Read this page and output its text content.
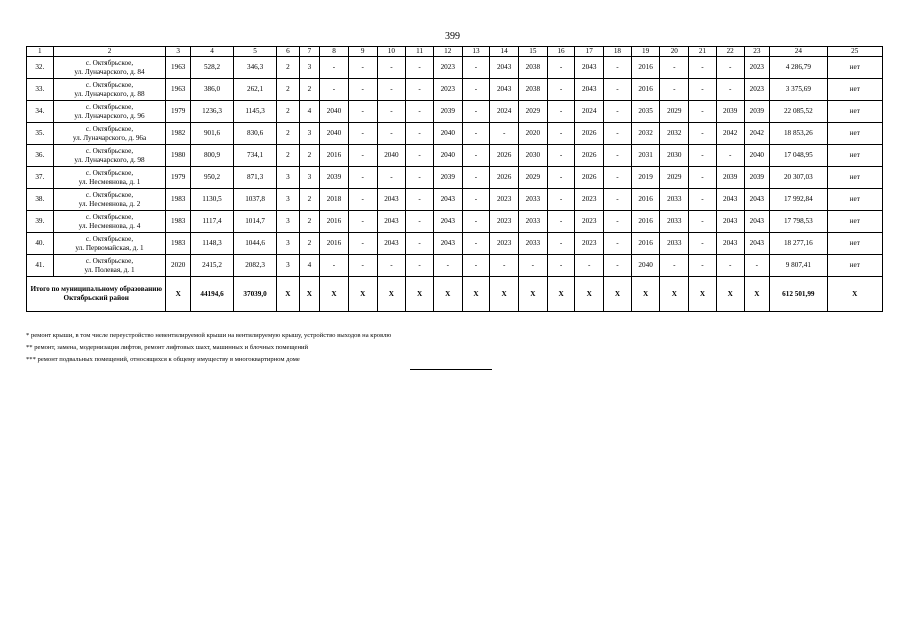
399
1	2	3	4	5	6	7	8	9	10	11	12	13	14	15	16	17	18	19	20	21	22	23	24	25
32.	с. Октябрьское,
ул. Луначарского, д. 84	1963	528,2	346,3	2	3	-	-	-	-	2023	-	2043	2038	-	2043	-	2016	-	-	-	2023	4 286,79	нет
33.	с. Октябрьское,
ул. Луначарского, д. 88	1963	386,0	262,1	2	2	-	-	-	-	2023	-	2043	2038	-	2043	-	2016	-	-	-	2023	3 375,69	нет
34.	с. Октябрьское,
ул. Луначарского, д. 96	1979	1236,3	1145,3	2	4	2040	-	-	-	2039	-	2024	2029	-	2024	-	2035	2029	-	2039	2039	22 085,52	нет
35.	с. Октябрьское,
ул. Луначарского, д. 96а	1982	901,6	830,6	2	3	2040	-	-	-	2040	-	-	2020	-	2026	-	2032	2032	-	2042	2042	18 853,26	нет
36.	с. Октябрьское,
ул. Луначарского, д. 98	1980	800,9	734,1	2	2	2016	-	2040	-	2040	-	2026	2030	-	2026	-	2031	2030	-	-	2040	17 048,95	нет
37.	с. Октябрьское,
ул. Несмеянова, д. 1	1979	950,2	871,3	3	3	2039	-	-	-	2039	-	2026	2029	-	2026	-	2019	2029	-	2039	2039	20 307,03	нет
38.	с. Октябрьское,
ул. Несмеянова, д. 2	1983	1130,5	1037,8	3	2	2018	-	2043	-	2043	-	2023	2033	-	2023	-	2016	2033	-	2043	2043	17 992,84	нет
39.	с. Октябрьское,
ул. Несмеянова, д. 4	1983	1117,4	1014,7	3	2	2016	-	2043	-	2043	-	2023	2033	-	2023	-	2016	2033	-	2043	2043	17 798,53	нет
40.	с. Октябрьское,
ул. Первомайская, д. 1	1983	1148,3	1044,6	3	2	2016	-	2043	-	2043	-	2023	2033	-	2023	-	2016	2033	-	2043	2043	18 277,16	нет
41.	с. Октябрьское,
ул. Полевая, д. 1	2020	2415,2	2082,3	3	4	-	-	-	-	-	-	-	-	-	-	-	2040	-	-	-	-	9 807,41	нет
Итого по муниципальному образованию Октябрьский район		X	44194,6	37039,0	X	X	X	X	X	X	X	X	X	X	X	X	X	X	X	X	X	X	612 501,99	X
* ремонт крыши, в том числе переустройство невентилируемой крыши на вентилируемую крышу, устройство выходов на кровлю
** ремонт, замена, модернизация лифтов, ремонт лифтовых шахт, машинных и блочных помещений
*** ремонт подвальных помещений, относящихся к общему имуществу в многоквартирном доме
